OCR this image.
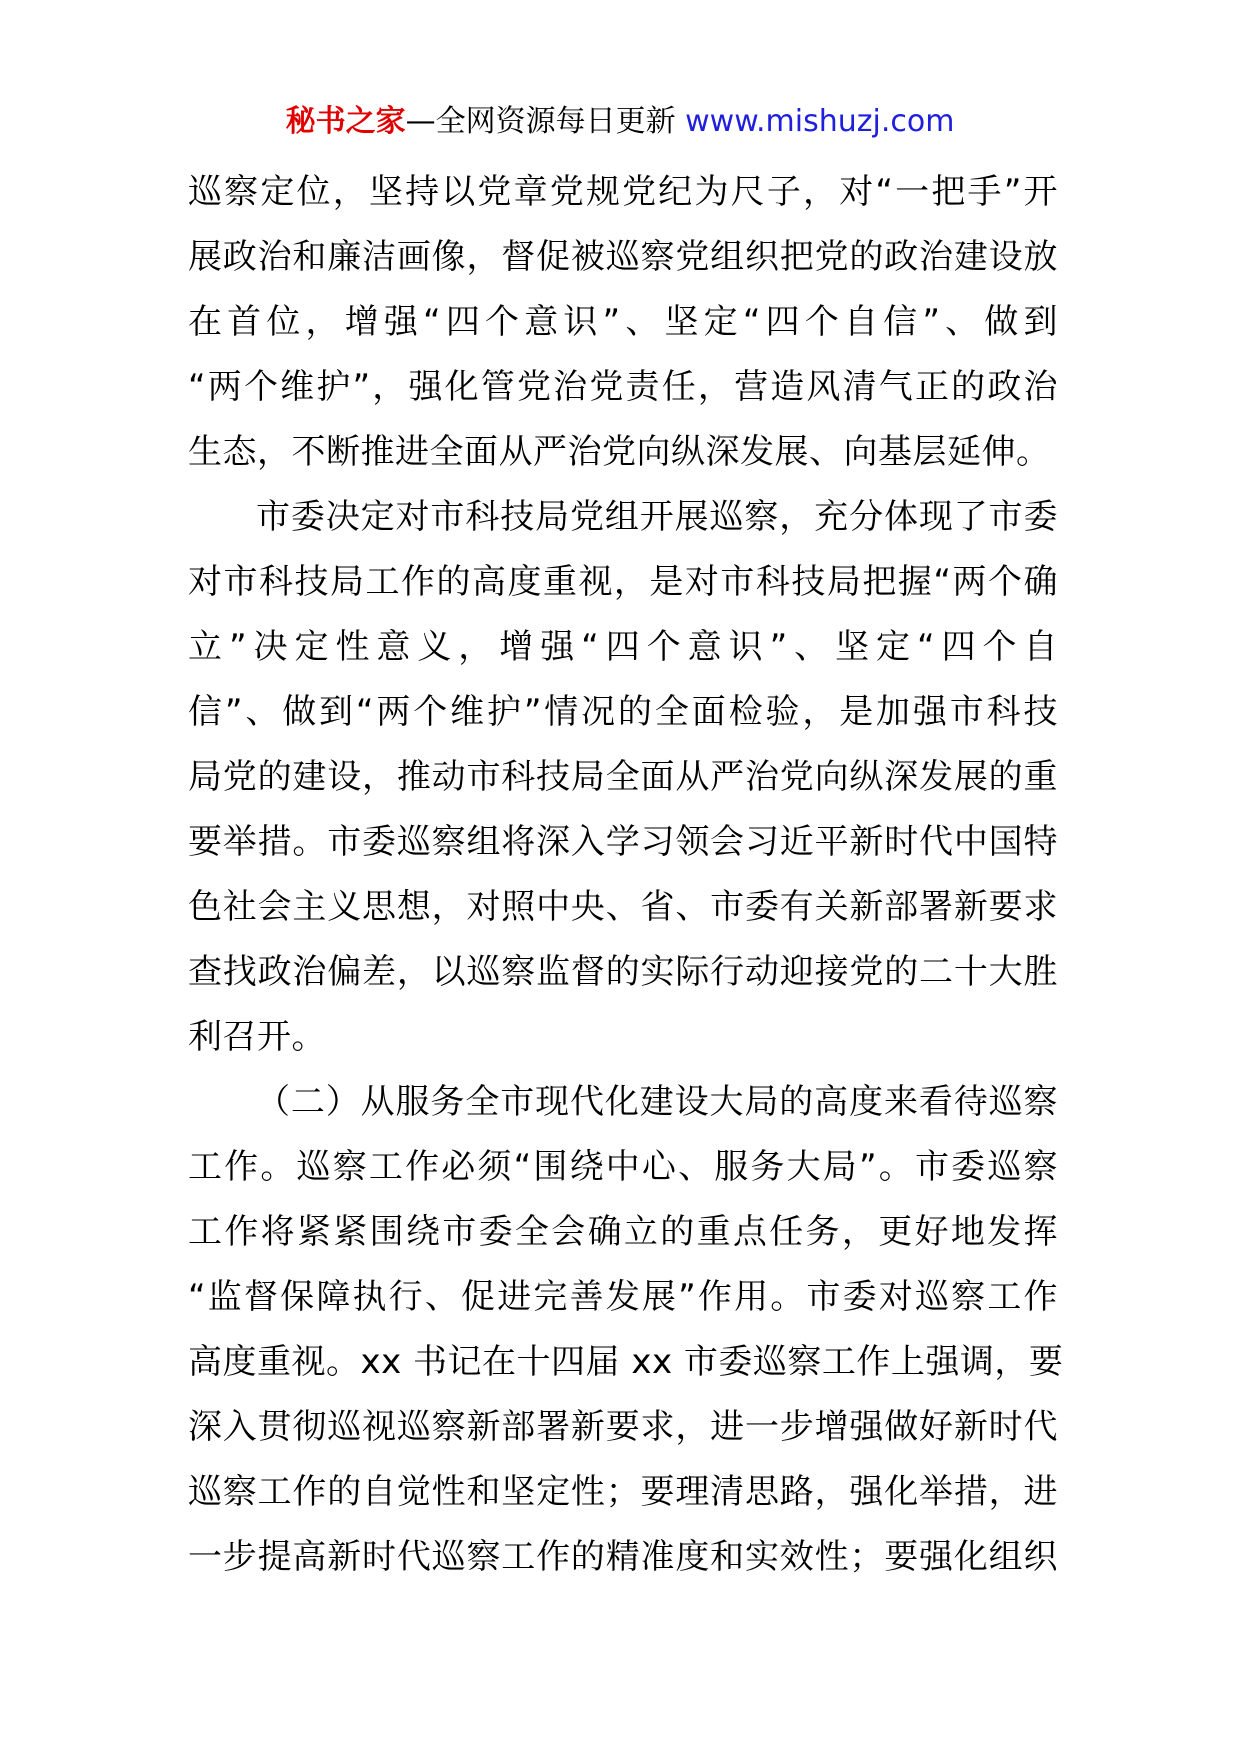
秘书之家—全网资源每日更新 www.mishuzj.com
巡察定位，坚持以党章党规党纪为尺子，对“一把手”开
展政治和廉洁画像，督促被巡察党组织把党的政治建设放
在首位，增强“四个意识”、坚定“四个自信”、做到
“两个维护”，强化管党治党责任，营造风清气正的政治
生态，不断推进全面从严治党向纵深发展、向基层延伸。
市委决定对市科技局党组开展巡察，充分体现了市委
对市科技局工作的高度重视，是对市科技局把握“两个确
立”决定性意义，增强“四个意识”、坚定“四个自
信”、做到“两个维护”情况的全面检验，是加强市科技
局党的建设，推动市科技局全面从严治党向纵深发展的重
要举措。市委巡察组将深入学习领会习近平新时代中国特
色社会主义思想，对照中央、省、市委有关新部署新要求
查找政治偏差，以巡察监督的实际行动迎接党的二十大胜
利召开。
（二）从服务全市现代化建设大局的高度来看待巡察
工作。巡察工作必须“围绕中心、服务大局”。市委巡察
工作将紧紧围绕市委全会确立的重点任务，更好地发挥
“监督保障执行、促进完善发展”作用。市委对巡察工作
高度重视。xx 书记在十四届 xx 市委巡察工作上强调，要
深入贯彻巡视巡察新部署新要求，进一步增强做好新时代
巡察工作的自觉性和坚定性；要理清思路，强化举措，进
一步提高新时代巡察工作的精准度和实效性；要强化组织
